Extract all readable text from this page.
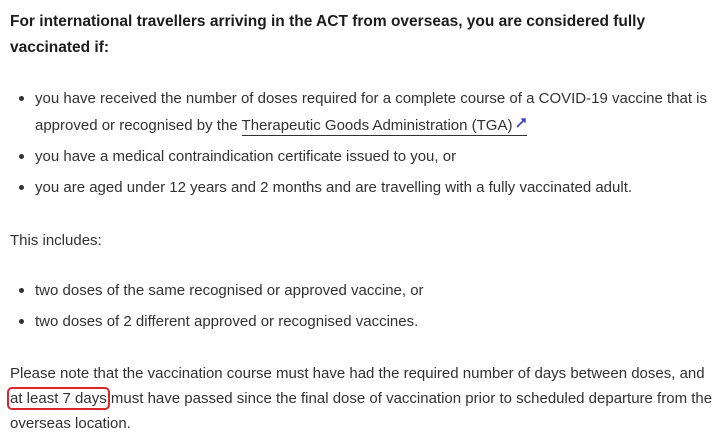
For international travellers arriving in the ACT from overseas, you are considered fully vaccinated if:

you have received the number of doses required for a complete course of a COVID-19 vaccine that is approved or recognised by the Therapeutic Goods Administration (TGA)
you have a medical contraindication certificate issued to you, or
you are aged under 12 years and 2 months and are travelling with a fully vaccinated adult.

This includes:

two doses of the same recognised or approved vaccine, or
two doses of 2 different approved or recognised vaccines.

Please note that the vaccination course must have had the required number of days between doses, and at least 7 days must have passed since the final dose of vaccination prior to scheduled departure from the overseas location.
